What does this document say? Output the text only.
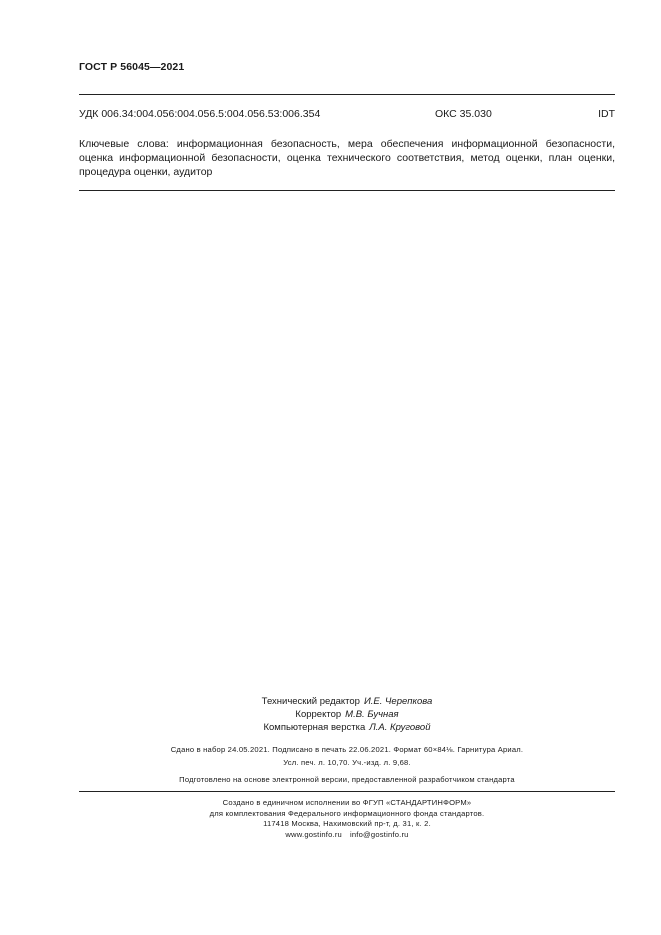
ГОСТ Р 56045—2021
УДК 006.34:004.056:004.056.5:004.056.53:006.354	ОКС 35.030	IDT
Ключевые слова: информационная безопасность, мера обеспечения информационной безопасности, оценка информационной безопасности, оценка технического соответствия, метод оценки, план оценки, процедура оценки, аудитор
Технический редактор И.Е. Черепкова
Корректор М.В. Бучная
Компьютерная верстка Л.А. Круговой
Сдано в набор 24.05.2021. Подписано в печать 22.06.2021. Формат 60×84⅛. Гарнитура Ариал.
Усл. печ. л. 10,70. Уч.-изд. л. 9,68.
Подготовлено на основе электронной версии, предоставленной разработчиком стандарта
Создано в единичном исполнении во ФГУП «СТАНДАРТИНФОРМ»
для комплектования Федерального информационного фонда стандартов.
117418 Москва, Нахимовский пр-т, д. 31, к. 2.
www.gostinfo.ru info@gostinfo.ru
